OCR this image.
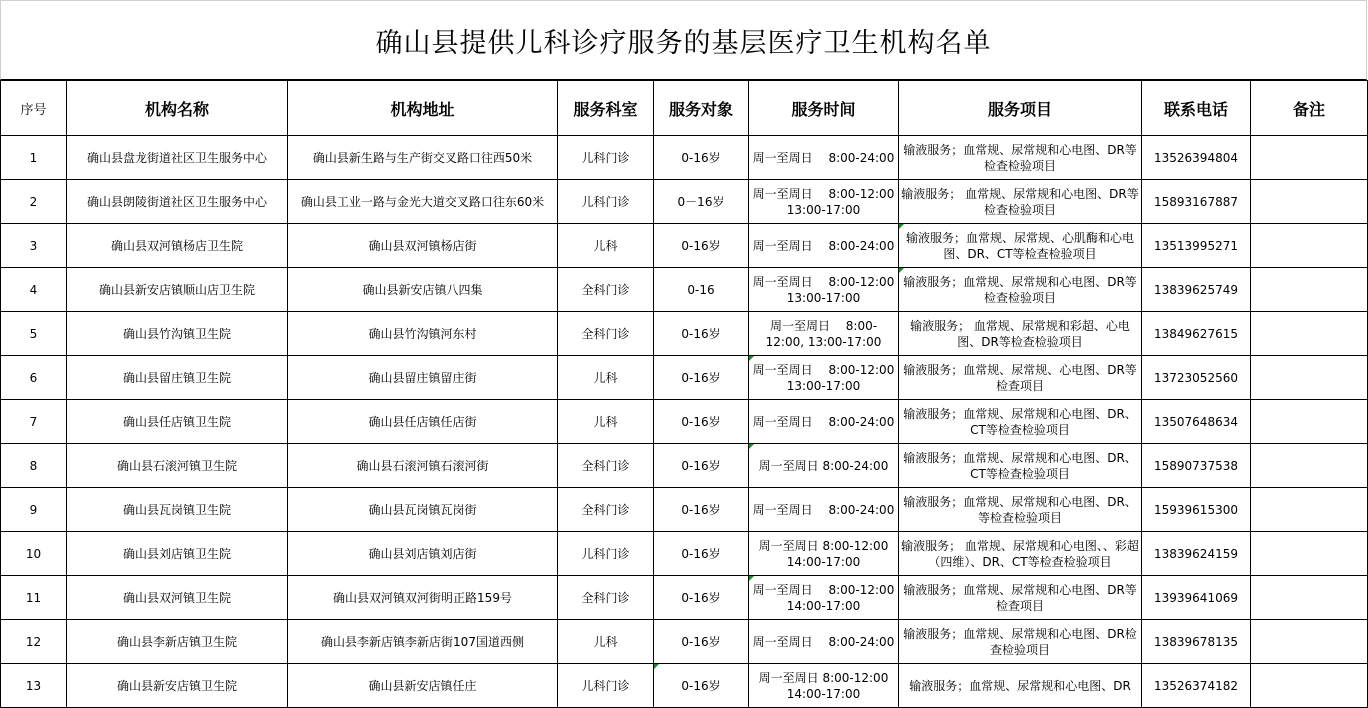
确山县提供儿科诊疗服务的基层医疗卫生机构名单
序号	机构名称	机构地址	服务科室	服务对象	服务时间	服务项目	联系电话	备注

1	确山县盘龙街道社区卫生服务中心	确山县新生路与生产街交叉路口往西50米	儿科门诊	0-16岁	周一至周日　 8:00-24:00	输液服务；血常规、尿常规和心电图、DR等检查检验项目	13526394804	

2	确山县朗陵街道社区卫生服务中心	确山县工业一路与金光大道交叉路口往东60米	儿科门诊	0－16岁	周一至周日　 8:00-12:00 13:00-17:00	输液服务； 血常规、尿常规和心电图、DR等检查检验项目	15893167887	

3	确山县双河镇杨店卫生院	确山县双河镇杨店街	儿科	0-16岁	周一至周日　 8:00-24:00	输液服务；血常规、尿常规、心肌酶和心电图、DR、CT等检查检验项目	13513995271	

4	确山县新安店镇顺山店卫生院	确山县新安店镇八四集	全科门诊	0-16	周一至周日　 8:00-12:00　　 13:00-17:00	输液服务；血常规、尿常规和心电图、DR等检查检验项目	13839625749	

5	确山县竹沟镇卫生院	确山县竹沟镇河东村	全科门诊	0-16岁	周一至周日　 8:00-12:00, 13:00-17:00	输液服务； 血常规、尿常规和彩超、心电图、DR等检查检验项目	13849627615	

6	确山县留庄镇卫生院	确山县留庄镇留庄街	儿科	0-16岁	周一至周日　 8:00-12:00 13:00-17:00	输液服务；血常规、尿常规、心电图、DR等检查项目	13723052560	

7	确山县任店镇卫生院	确山县任店镇任店街	儿科	0-16岁	周一至周日　 8:00-24:00	输液服务；血常规、尿常规和心电图、DR、CT等检查检验项目	13507648634	

8	确山县石滚河镇卫生院	确山县石滚河镇石滚河街	全科门诊	0-16岁	周一至周日 8:00-24:00	输液服务；血常规、尿常规和心电图、DR、CT等检查检验项目	15890737538	

9	确山县瓦岗镇卫生院	确山县瓦岗镇瓦岗街	全科门诊	0-16岁	周一至周日　 8:00-24:00	输液服务；血常规、尿常规和心电图、DR、等检查检验项目	15939615300	

10	确山县刘店镇卫生院	确山县刘店镇刘店街	儿科门诊	0-16岁	周一至周日 8:00-12:00 14:00-17:00	输液服务； 血常规、尿常规和心电图、、彩超（四维）、DR、CT等检查检验项目	13839624159	

11	确山县双河镇卫生院	确山县双河镇双河街明正路159号	全科门诊	0-16岁	周一至周日　 8:00-12:00 14:00-17:00	输液服务；血常规、尿常规和心电图、DR等检查项目	13939641069	

12	确山县李新店镇卫生院	确山县李新店镇李新店街107国道西侧	儿科	0-16岁	周一至周日　 8:00-24:00	输液服务；血常规、尿常规和心电图、DR检查检验项目	13839678135	

13	确山县新安店镇卫生院	确山县新安店镇任庄	儿科门诊	0-16岁	周一至周日 8:00-12:00 14:00-17:00	输液服务；血常规、尿常规和心电图、DR	13526374182	
